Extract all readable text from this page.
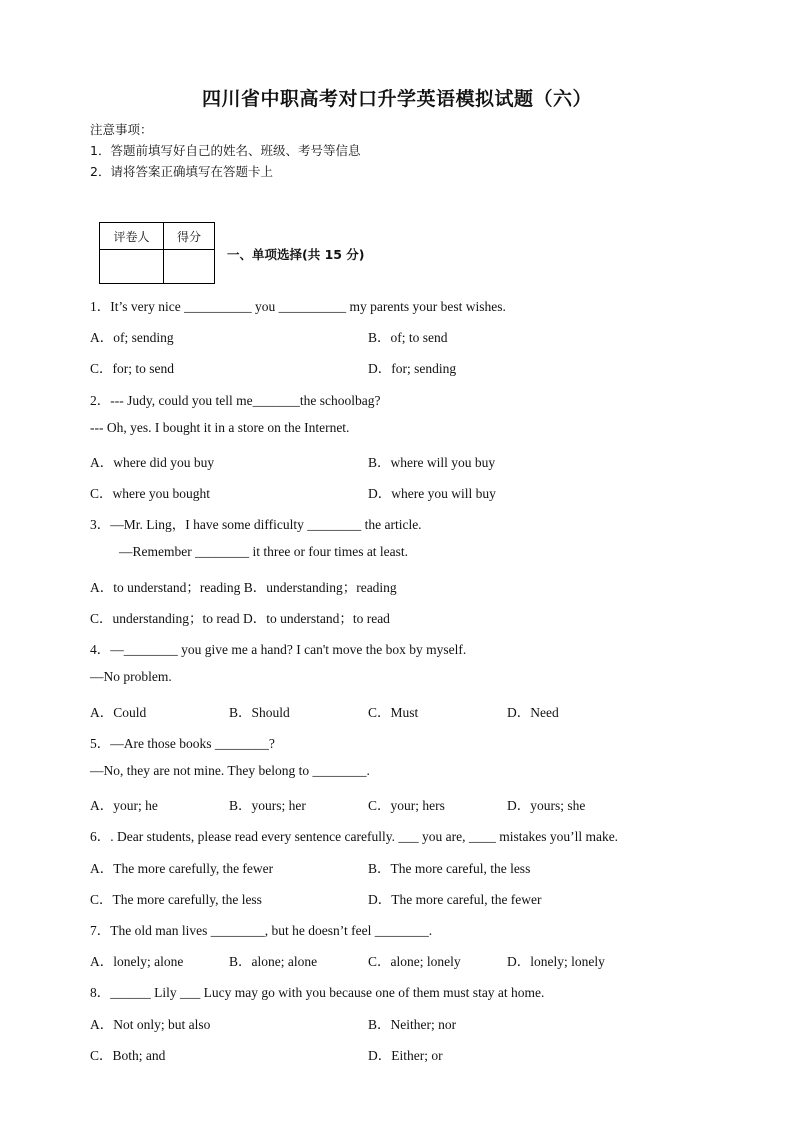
四川省中职高考对口升学英语模拟试题（六）
注意事项：
1．答题前填写好自己的姓名、班级、考号等信息
2．请将答案正确填写在答题卡上
评卷人	得分

一、单项选择(共 15 分)
1．It’s very nice __________ you __________ my parents your best wishes.
A．of; sending	B．of; to send
C．for; to send	D．for; sending
2．--- Judy, could you tell me_______the schoolbag?
--- Oh, yes. I bought it in a store on the Internet.
A．where did you buy	B．where will you buy
C．where you bought	D．where you will buy
3．—Mr. Ling，I have some difficulty ________ the article.
—Remember ________ it three or four times at least.
A．to understand；reading B．understanding；reading
C．understanding；to read D．to understand；to read
4．—________ you give me a hand? I can't move the box by myself.
—No problem.
A．Could	B．Should	C．Must	D．Need
5．—Are those books ________?
—No, they are not mine. They belong to ________.
A．your; he	B．yours; her	C．your; hers	D．yours; she
6．. Dear students, please read every sentence carefully. ___ you are, ____ mistakes you’ll make.
A．The more carefully, the fewer	B．The more careful, the less
C．The more carefully, the less	D．The more careful, the fewer
7．The old man lives ________, but he doesn’t feel ________.
A．lonely; alone	B．alone; alone	C．alone; lonely	D．lonely; lonely
8．______ Lily ___ Lucy may go with you because one of them must stay at home.
A．Not only; but also	B．Neither; nor
C．Both; and	D．Either; or
